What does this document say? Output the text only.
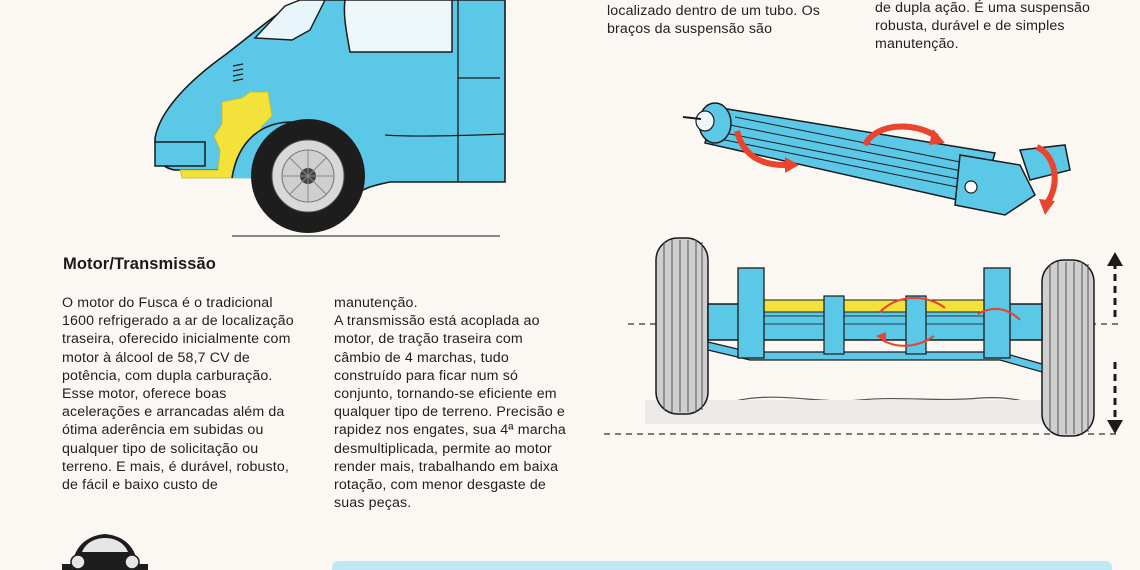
localizado dentro de um tubo. Os
braços da suspensão são
de dupla ação. É uma suspensão
robusta, durável e de simples
manutenção.
Motor/Transmissão
O motor do Fusca é o tradicional
1600 refrigerado a ar de localização
traseira, oferecido inicialmente com
motor à álcool de 58,7 CV de
potência, com dupla carburação.
Esse motor, oferece boas
acelerações e arrancadas além da
ótima aderência em subidas ou
qualquer tipo de solicitação ou
terreno. E mais, é durável, robusto,
de fácil e baixo custo de
manutenção.
A transmissão está acoplada ao
motor, de tração traseira com
câmbio de 4 marchas, tudo
construído para ficar num só
conjunto, tornando-se eficiente em
qualquer tipo de terreno. Precisão e
rapidez nos engates, sua 4ª marcha
desmultiplicada, permite ao motor
render mais, trabalhando em baixa
rotação, com menor desgaste de
suas peças.
